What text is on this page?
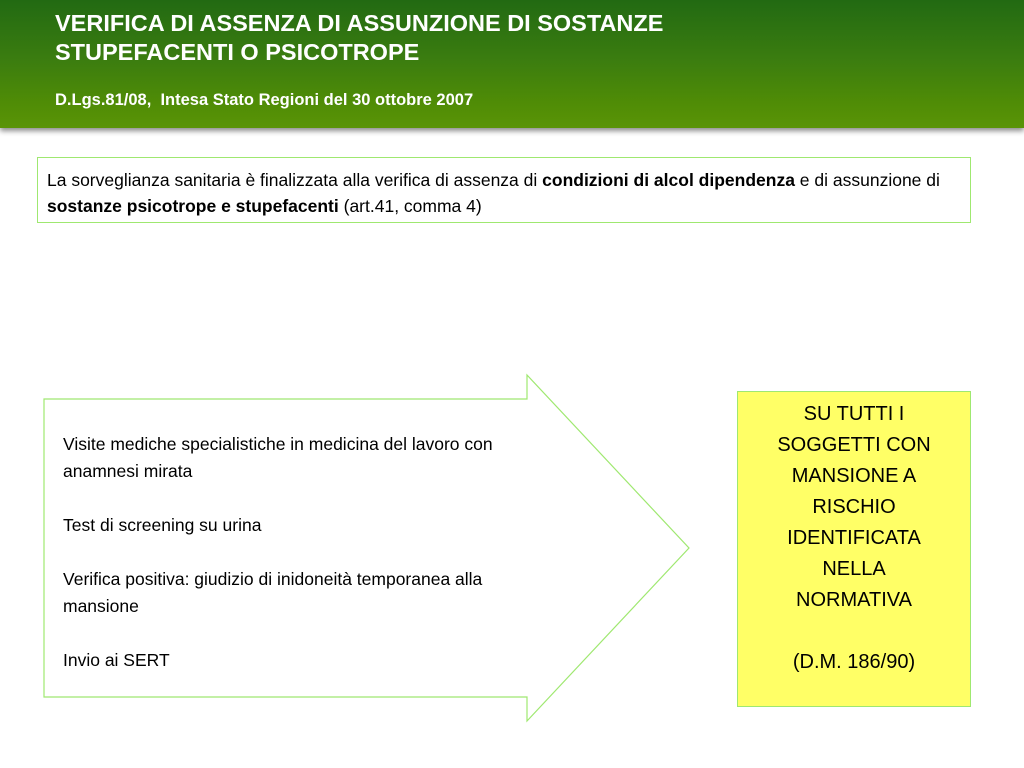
VERIFICA DI ASSENZA DI ASSUNZIONE DI SOSTANZE
STUPEFACENTI O PSICOTROPE

D.Lgs.81/08,  Intesa Stato Regioni del 30 ottobre 2007

La sorveglianza sanitaria è finalizzata alla verifica di assenza di condizioni di alcol dipendenza e di assunzione di sostanze psicotrope e stupefacenti (art.41, comma 4)

Visite mediche specialistiche in medicina del lavoro con anamnesi mirata
Test di screening su urina
Verifica positiva: giudizio di inidoneità temporanea alla mansione
Invio ai SERT
SU TUTTI I
SOGGETTI CON
MANSIONE A
RISCHIO
IDENTIFICATA
NELLA
NORMATIVA
(D.M. 186/90)
